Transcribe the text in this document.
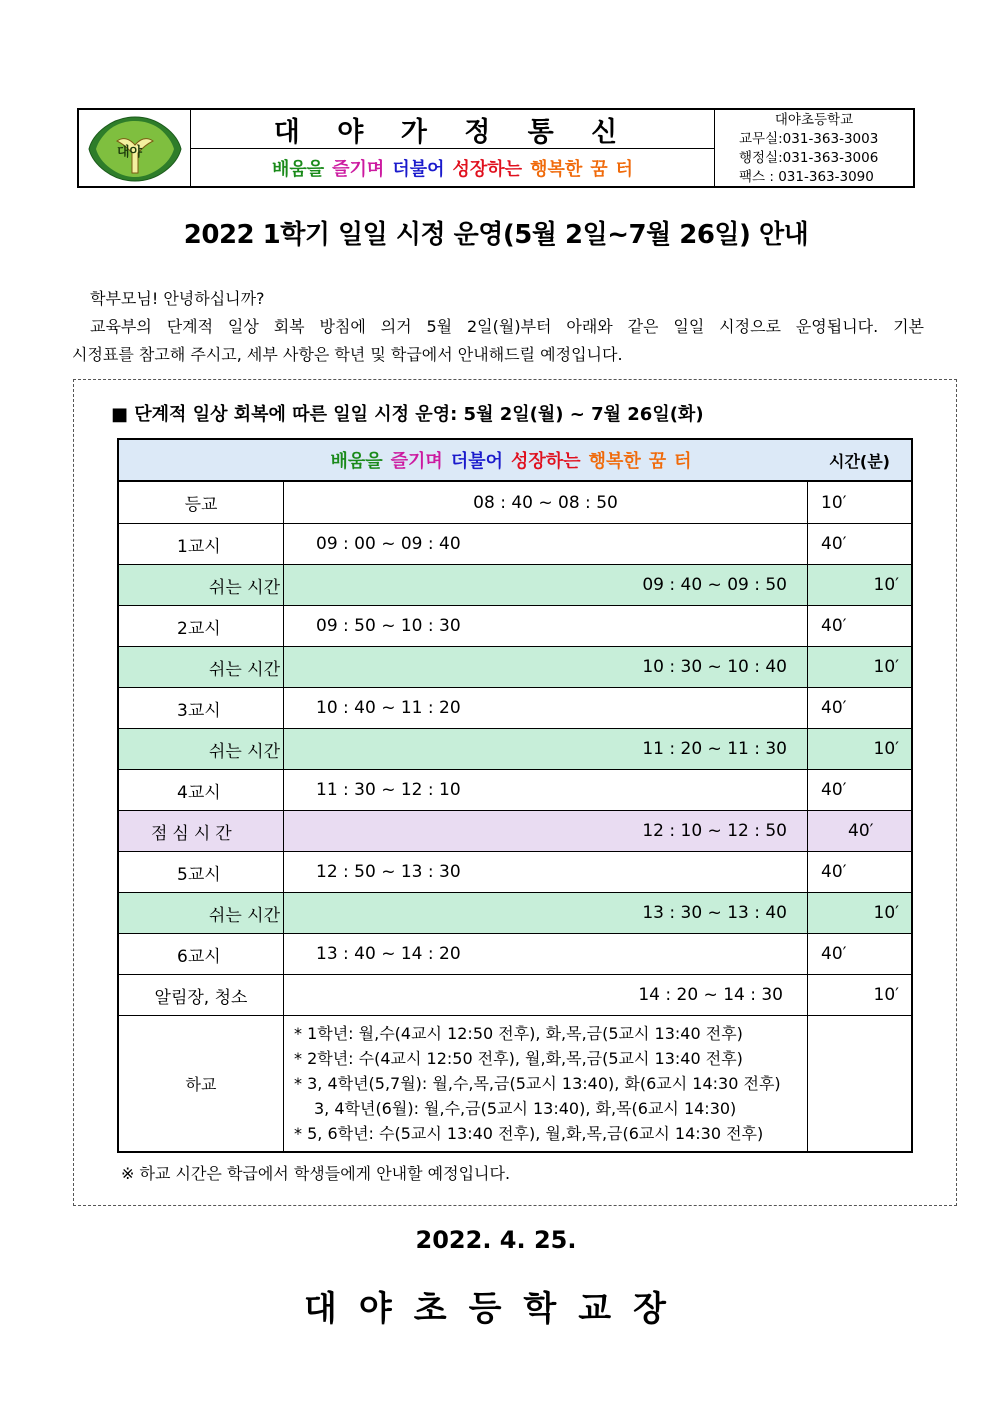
대야
대 야 가 정 통 신
배움을 즐기며 더불어 성장하는 행복한 꿈 터
대야초등학교
교무실:031-363-3003
행정실:031-363-3006
팩스 : 031-363-3090
2022 1학기 일일 시정 운영(5월 2일~7월 26일) 안내

학부모님! 안녕하십니까?

교육부의 단계적 일상 회복 방침에 의거 5월 2일(월)부터 아래와 같은 일일 시정으로 운영됩니다. 기본

시정표를 참고해 주시고, 세부 사항은 학년 및 학급에서 안내해드릴 예정입니다.

■ 단계적 일상 회복에 따른 일일 시정 운영: 5월 2일(월) ~ 7월 26일(화)
배움을 즐기며 더불어 성장하는 행복한 꿈 터	시간(분)
등교	08 : 40 ~ 08 : 50	10′
1교시	09 : 00 ~ 09 : 40	40′
쉬는 시간	09 : 40 ~ 09 : 50	10′
2교시	09 : 50 ~ 10 : 30	40′
쉬는 시간	10 : 30 ~ 10 : 40	10′
3교시	10 : 40 ~ 11 : 20	40′
쉬는 시간	11 : 20 ~ 11 : 30	10′
4교시	11 : 30 ~ 12 : 10	40′
점심시간	12 : 10 ~ 12 : 50	40′
5교시	12 : 50 ~ 13 : 30	40′
쉬는 시간	13 : 30 ~ 13 : 40	10′
6교시	13 : 40 ~ 14 : 20	40′
알림장, 청소	14 : 20 ~ 14 : 30	10′
하교
* 1학년: 월,수(4교시 12:50 전후), 화,목,금(5교시 13:40 전후)
* 2학년: 수(4교시 12:50 전후), 월,화,목,금(5교시 13:40 전후)
* 3, 4학년(5,7월): 월,수,목,금(5교시 13:40), 화(6교시 14:30 전후)
3, 4학년(6월): 월,수,금(5교시 13:40), 화,목(6교시 14:30)
* 5, 6학년: 수(5교시 13:40 전후), 월,화,목,금(6교시 14:30 전후)
※ 하교 시간은 학급에서 학생들에게 안내할 예정입니다.
2022. 4. 25.
대야초등학교장
